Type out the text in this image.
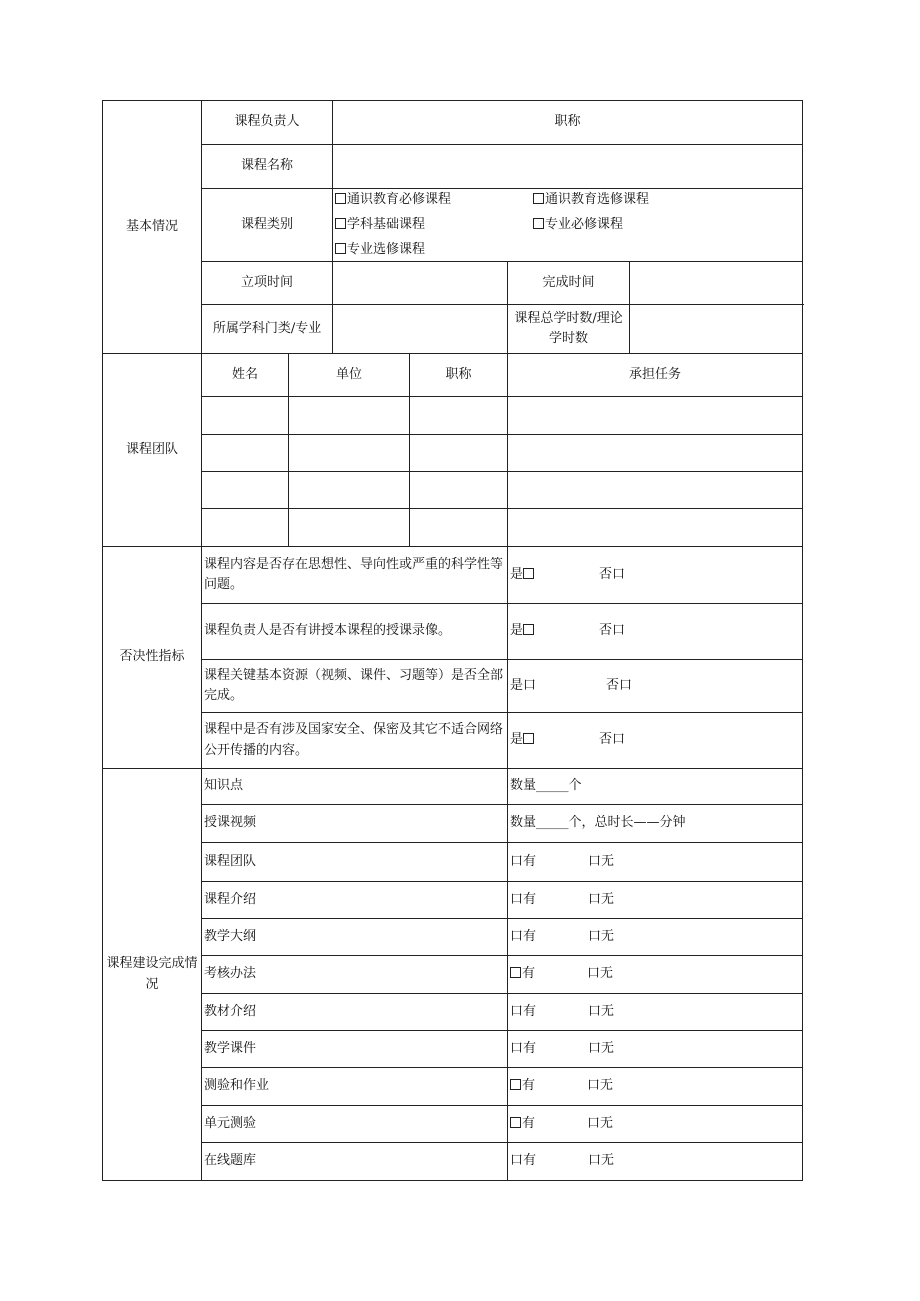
基本情况	课程负责人		职称			
	课程名称					
	课程类别		通识教育必修课程 通识教育选修课程
学科基础课程 专业必修课程
专业选修课程			

	立项时间				完成时间	
	所属学科门类/专业				课程总学时数/理论学时数	
课程团队	姓名	单位		职称	承担任务	

否决性指标	课程内容是否存在思想性、导向性或严重的科学性等问题。				是 否口	
	课程负责人是否有讲授本课程的授课录像。				是 否口	
	课程关键基本资源（视频、课件、习题等）是否全部完成。				是口 否口	
	课程中是否有涉及国家安全、保密及其它不适合网络公开传播的内容。				是 否口	
课程建设完成情况	知识点				数量_____个	
	授课视频				数量_____个，总时长——分钟	
	课程团队				口有 口无	
	课程介绍				口有 口无	
	教学大纲				口有 口无	
	考核办法				有 口无	
	教材介绍				口有 口无	
	教学课件				口有 口无	
	测验和作业				有 口无	
	单元测验				有 口无	
	在线题库				口有 口无	
